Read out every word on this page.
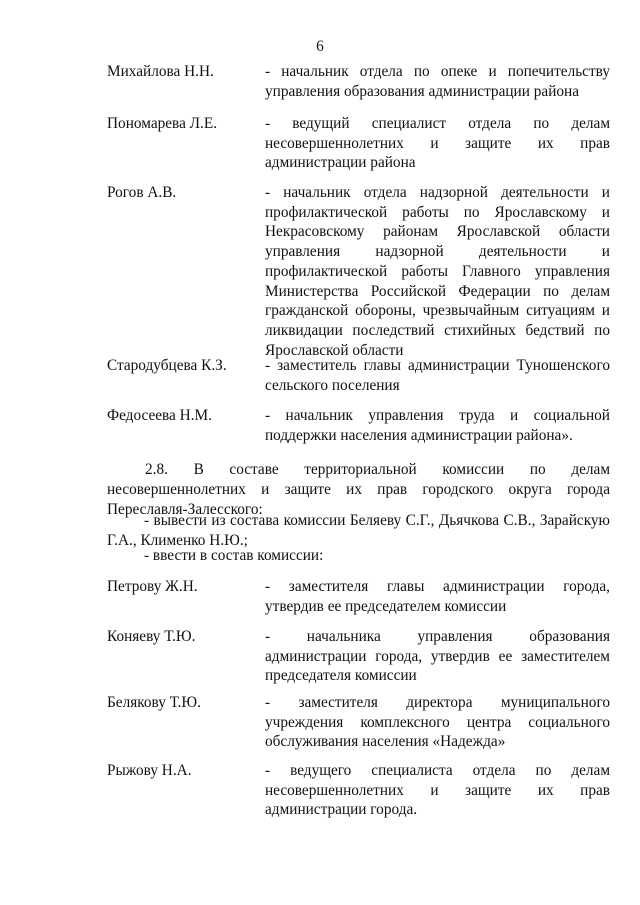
6
Михайлова Н.Н.	- начальник отдела по опеке и попечительству управления образования администрации района
Пономарева Л.Е.	- ведущий специалист отдела по делам несовершеннолетних и защите их прав администрации района
Рогов А.В.	- начальник отдела надзорной деятельности и профилактической работы по Ярославскому и Некрасовскому районам Ярославской области управления надзорной деятельности и профилактической работы Главного управления Министерства Российской Федерации по делам гражданской обороны, чрезвычайным ситуациям и ликвидации последствий стихийных бедствий по Ярославской области
Стародубцева К.З.	- заместитель главы администрации Туношенского сельского поселения
Федосеева Н.М.	- начальник управления труда и социальной поддержки населения администрации района».
2.8. В составе территориальной комиссии по делам несовершеннолетних и защите их прав городского округа города Переславля-Залесского:
- вывести из состава комиссии Беляеву С.Г., Дьячкова С.В., Зарайскую Г.А., Клименко Н.Ю.;
- ввести в состав комиссии:
Петрову Ж.Н.	- заместителя главы администрации города, утвердив ее председателем комиссии
Коняеву Т.Ю.	- начальника управления образования администрации города, утвердив ее заместителем председателя комиссии
Белякову Т.Ю.	- заместителя директора муниципального учреждения комплексного центра социального обслуживания населения «Надежда»
Рыжову Н.А.	- ведущего специалиста отдела по делам несовершеннолетних и защите их прав администрации города.
